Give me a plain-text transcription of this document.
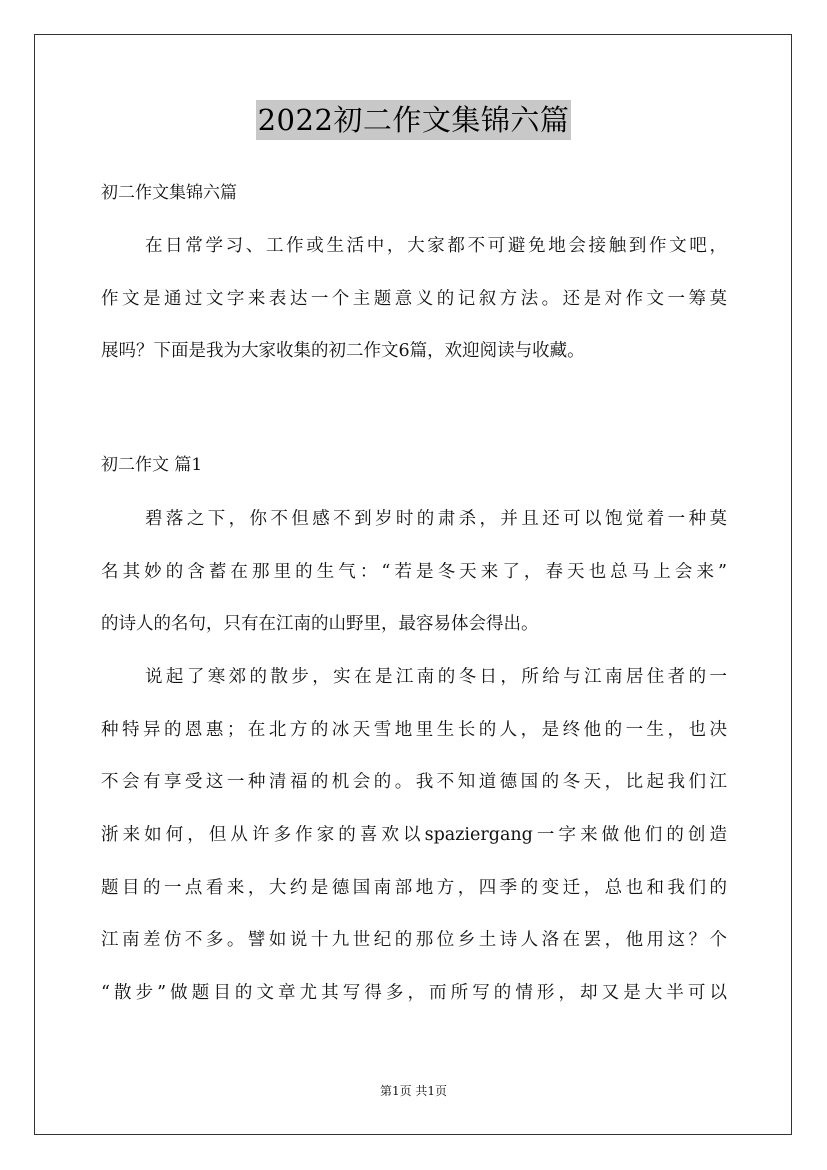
2022初二作文集锦六篇
初二作文集锦六篇
在日常学习、工作或生活中，大家都不可避免地会接触到作文吧，
作文是通过文字来表达一个主题意义的记叙方法。还是对作文一筹莫
展吗？下面是我为大家收集的初二作文6篇，欢迎阅读与收藏。
初二作文 篇1
碧落之下，你不但感不到岁时的肃杀，并且还可以饱觉着一种莫
名其妙的含蓄在那里的生气：“若是冬天来了，春天也总马上会来”
的诗人的名句，只有在江南的山野里，最容易体会得出。
说起了寒郊的散步，实在是江南的冬日，所给与江南居住者的一
种特异的恩惠；在北方的冰天雪地里生长的人，是终他的一生，也决
不会有享受这一种清福的机会的。我不知道德国的冬天，比起我们江
浙来如何，但从许多作家的喜欢以spaziergang一字来做他们的创造
题目的一点看来，大约是德国南部地方，四季的变迁，总也和我们的
江南差仿不多。譬如说十九世纪的那位乡土诗人洛在罢，他用这？个
“散步”做题目的文章尤其写得多，而所写的情形，却又是大半可以
第1页 共1页
